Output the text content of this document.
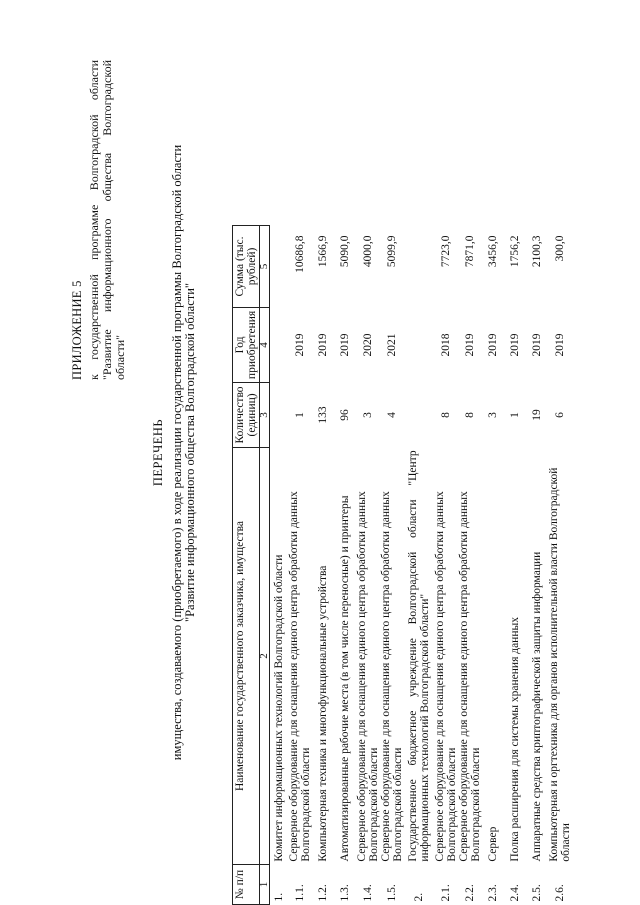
ПРИЛОЖЕНИЕ 5 к государственной программе Волгоградской области "Развитие информационного общества Волгоградской области"
ПЕРЕЧЕНЬ имущества, создаваемого (приобретаемого) в ходе реализации государственной программы Волгоградской области "Развитие информационного общества Волгоградской области"
№ п/п	Наименование государственного заказчика, имущества	Количество (единиц)	Год приобретения	Сумма (тыс. рублей)
1	2	3	4	5
1.	Комитет информационных технологий Волгоградской области			
1.1.	Серверное оборудование для оснащения единого центра обработки данных Волгоградской области	1	2019	10686,8
1.2.	Компьютерная техника и многофункциональные устройства	133	2019	1566,9
1.3.	Автоматизированные рабочие места (в том числе переносные) и принтеры	96	2019	5090,0
1.4.	Серверное оборудование для оснащения единого центра обработки данных Волгоградской области	3	2020	4000,0
1.5.	Серверное оборудование для оснащения единого центра обработки данных Волгоградской области	4	2021	5099,9
2.	Государственное бюджетное учреждение Волгоградской области "Центр информационных технологий Волгоградской области"			
2.1.	Серверное оборудование для оснащения единого центра обработки данных Волгоградской области	8	2018	7723,0
2.2.	Серверное оборудование для оснащения единого центра обработки данных Волгоградской области	8	2019	7871,0
2.3.	Сервер	3	2019	3456,0
2.4.	Полка расширения для системы хранения данных	1	2019	1756,2
2.5.	Аппаратные средства криптографической защиты информации	19	2019	2100,3
2.6.	Компьютерная и оргтехника для органов исполнительной власти Волгоградской области	6	2019	300,0
